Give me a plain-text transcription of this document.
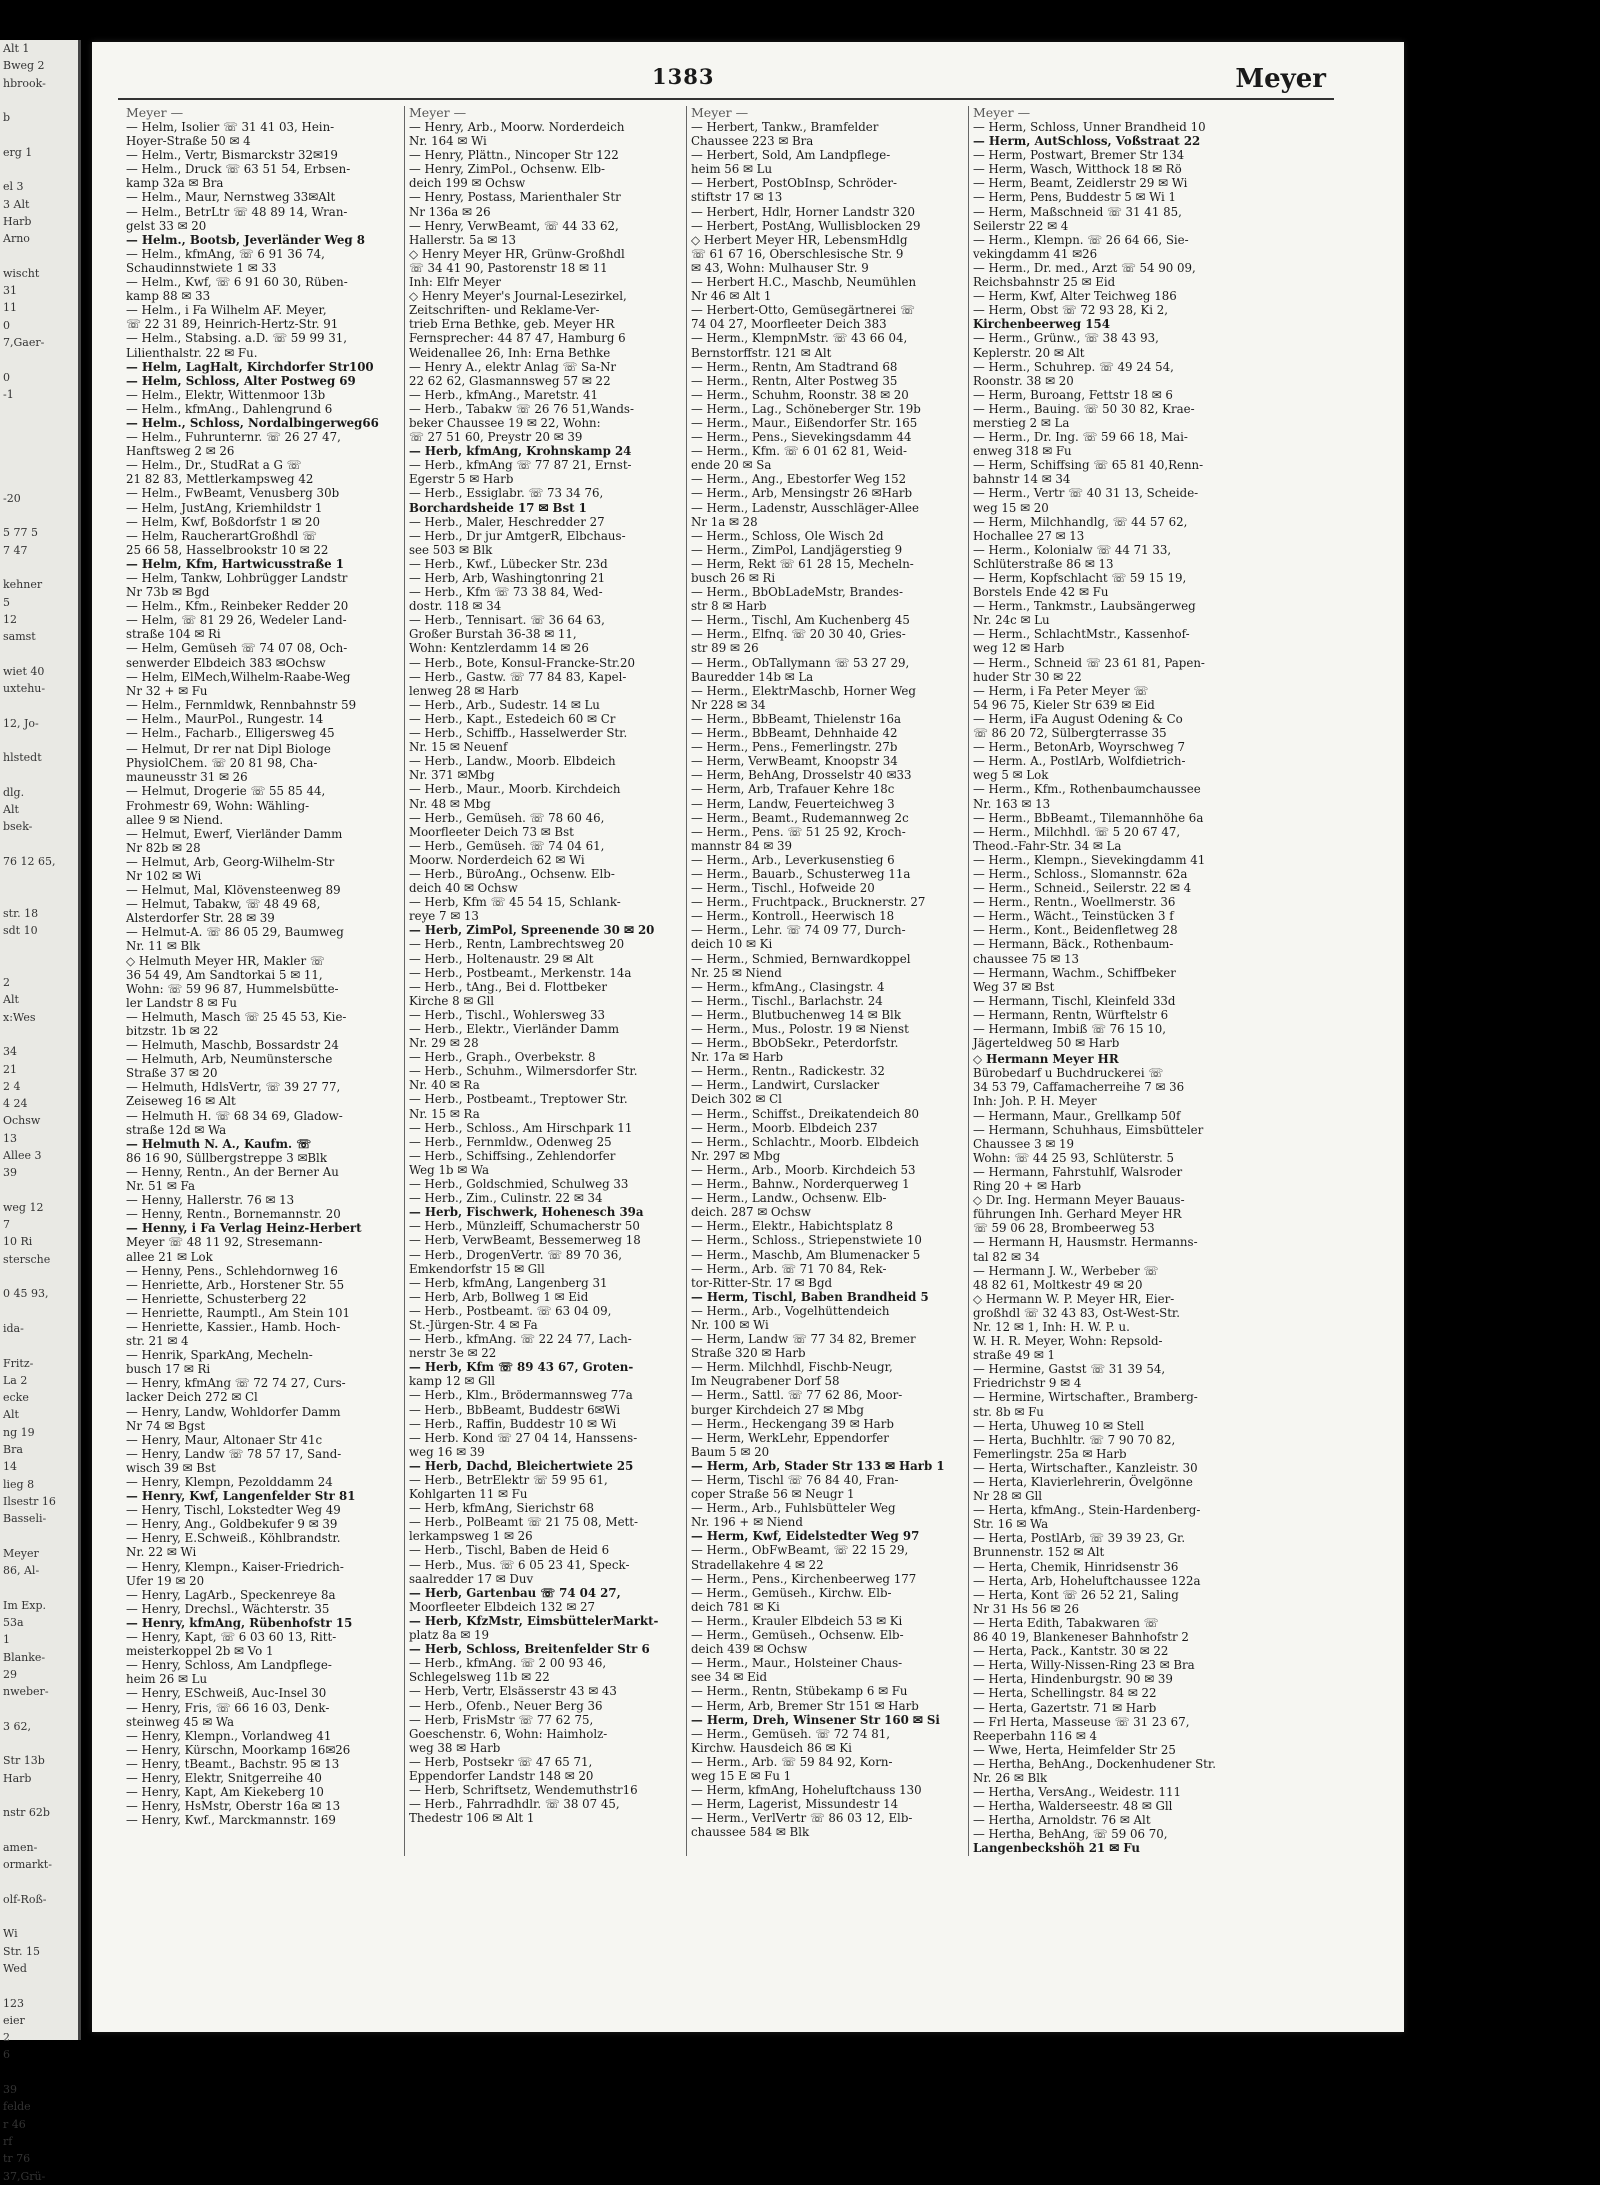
Alt 1
Bweg 2
hbrook-

b

erg 1

el 3
3 Alt
Harb
Arno

wischt
31
11
0
7,Gaer-

0
-1

-20

5 77 5
7 47

kehner
5
12
samst

wiet 40
uxtehu-

12, Jo-

hlstedt

dlg.
Alt
bsek-

76 12 65,

str. 18
sdt 10

2
Alt
x:Wes

34
21
2 4
4 24
Ochsw
13
Allee 3
39

weg 12
7
10 Ri
stersche

0 45 93,

ida-

Fritz-
La 2
ecke
Alt
ng 19
Bra
14
lieg 8
Ilsestr 16
Basseli-

Meyer
86, Al-

Im Exp.
53a
1
Blanke-
29
nweber-

3 62,

Str 13b
Harb

nstr 62b

amen-
ormarkt-

olf-Roß-

Wi
Str. 15
Wed

123
eier
2
6

39
felde
r 46
rf
tr 76
37,Grü-
1383	Meyer
Meyer —
— Helm, Isolier ☏ 31 41 03, Hein-
Hoyer-Straße 50 ✉ 4
— Helm., Vertr, Bismarckstr 32✉19
— Helm., Druck ☏ 63 51 54, Erbsen-
kamp 32a ✉ Bra
— Helm., Maur, Nernstweg 33✉Alt
— Helm., BetrLtr ☏ 48 89 14, Wran-
gelst 33 ✉ 20
— Helm., Bootsb, Jeverländer Weg 8
— Helm., kfmAng, ☏ 6 91 36 74,
Schaudinnstwiete 1 ✉ 33
— Helm., Kwf, ☏ 6 91 60 30, Rüben-
kamp 88 ✉ 33
— Helm., i Fa Wilhelm AF. Meyer,
☏ 22 31 89, Heinrich-Hertz-Str. 91
— Helm., Stabsing. a.D. ☏ 59 99 31,
Lilienthalstr. 22 ✉ Fu.
— Helm, LagHalt, Kirchdorfer Str100
— Helm, Schloss, Alter Postweg 69
— Helm., Elektr, Wittenmoor 13b
— Helm., kfmAng., Dahlengrund 6
— Helm., Schloss, Nordalbingerweg66
— Helm., Fuhrunternr. ☏ 26 27 47,
Hanftsweg 2 ✉ 26
— Helm., Dr., StudRat a G ☏
21 82 83, Mettlerkampsweg 42
— Helm., FwBeamt, Venusberg 30b
— Helm, JustAng, Kriemhildstr 1
— Helm, Kwf, Boßdorfstr 1 ✉ 20
— Helm, RaucherartGroßhdl ☏
25 66 58, Hasselbrookstr 10 ✉ 22
— Helm, Kfm, Hartwicusstraße 1
— Helm, Tankw, Lohbrügger Landstr
Nr 73b ✉ Bgd
— Helm., Kfm., Reinbeker Redder 20
— Helm, ☏ 81 29 26, Wedeler Land-
straße 104 ✉ Ri
— Helm, Gemüseh ☏ 74 07 08, Och-
senwerder Elbdeich 383 ✉Ochsw
— Helm, ElMech,Wilhelm-Raabe-Weg
Nr 32 + ✉ Fu
— Helm., Fernmldwk, Rennbahnstr 59
— Helm., MaurPol., Rungestr. 14
— Helm., Facharb., Elligersweg 45
— Helmut, Dr rer nat Dipl Biologe
PhysiolChem. ☏ 20 81 98, Cha-
mauneusstr 31 ✉ 26
— Helmut, Drogerie ☏ 55 85 44,
Frohmestr 69, Wohn: Wähling-
allee 9 ✉ Niend.
— Helmut, Ewerf, Vierländer Damm
Nr 82b ✉ 28
— Helmut, Arb, Georg-Wilhelm-Str
Nr 102 ✉ Wi
— Helmut, Mal, Klövensteenweg 89
— Helmut, Tabakw, ☏ 48 49 68,
Alsterdorfer Str. 28 ✉ 39
— Helmut-A. ☏ 86 05 29, Baumweg
Nr. 11 ✉ Blk
◇ Helmuth Meyer HR, Makler ☏
36 54 49, Am Sandtorkai 5 ✉ 11,
Wohn: ☏ 59 96 87, Hummelsbütte-
ler Landstr 8 ✉ Fu
— Helmuth, Masch ☏ 25 45 53, Kie-
bitzstr. 1b ✉ 22
— Helmuth, Maschb, Bossardstr 24
— Helmuth, Arb, Neumünstersche
Straße 37 ✉ 20
— Helmuth, HdlsVertr, ☏ 39 27 77,
Zeiseweg 16 ✉ Alt
— Helmuth H. ☏ 68 34 69, Gladow-
straße 12d ✉ Wa
— Helmuth N. A., Kaufm. ☏
86 16 90, Süllbergstreppe 3 ✉Blk
— Henny, Rentn., An der Berner Au
Nr. 51 ✉ Fa
— Henny, Hallerstr. 76 ✉ 13
— Henny, Rentn., Bornemannstr. 20
— Henny, i Fa Verlag Heinz-Herbert
Meyer ☏ 48 11 92, Stresemann-
allee 21 ✉ Lok
— Henny, Pens., Schlehdornweg 16
— Henriette, Arb., Horstener Str. 55
— Henriette, Schusterberg 22
— Henriette, Raumptl., Am Stein 101
— Henriette, Kassier., Hamb. Hoch-
str. 21 ✉ 4
— Henrik, SparkAng, Mecheln-
busch 17 ✉ Ri
— Henry, kfmAng ☏ 72 74 27, Curs-
lacker Deich 272 ✉ Cl
— Henry, Landw, Wohldorfer Damm
Nr 74 ✉ Bgst
— Henry, Maur, Altonaer Str 41c
— Henry, Landw ☏ 78 57 17, Sand-
wisch 39 ✉ Bst
— Henry, Klempn, Pezolddamm 24
— Henry, Kwf, Langenfelder Str 81
— Henry, Tischl, Lokstedter Weg 49
— Henry, Ang., Goldbekufer 9 ✉ 39
— Henry, E.Schweiß., Köhlbrandstr.
Nr. 22 ✉ Wi
— Henry, Klempn., Kaiser-Friedrich-
Ufer 19 ✉ 20
— Henry, LagArb., Speckenreye 8a
— Henry, Drechsl., Wächterstr. 35
— Henry, kfmAng, Rübenhofstr 15
— Henry, Kapt, ☏ 6 03 60 13, Ritt-
meisterkoppel 2b ✉ Vo 1
— Henry, Schloss, Am Landpflege-
heim 26 ✉ Lu
— Henry, ESchweiß, Auc-Insel 30
— Henry, Fris, ☏ 66 16 03, Denk-
steinweg 45 ✉ Wa
— Henry, Klempn., Vorlandweg 41
— Henry, Kürschn, Moorkamp 16✉26
— Henry, tBeamt., Bachstr. 95 ✉ 13
— Henry, Elektr, Snitgerreihe 40
— Henry, Kapt, Am Kiekeberg 10
— Henry, HsMstr, Oberstr 16a ✉ 13
— Henry, Kwf., Marckmannstr. 169
Meyer —
— Henry, Arb., Moorw. Norderdeich
Nr. 164 ✉ Wi
— Henry, Plättn., Nincoper Str 122
— Henry, ZimPol., Ochsenw. Elb-
deich 199 ✉ Ochsw
— Henry, Postass, Marienthaler Str
Nr 136a ✉ 26
— Henry, VerwBeamt, ☏ 44 33 62,
Hallerstr. 5a ✉ 13
◇ Henry Meyer HR, Grünw-Großhdl
☏ 34 41 90, Pastorenstr 18 ✉ 11
Inh: Elfr Meyer
◇ Henry Meyer's Journal-Lesezirkel,
Zeitschriften- und Reklame-Ver-
trieb Erna Bethke, geb. Meyer HR
Fernsprecher: 44 87 47, Hamburg 6
Weidenallee 26, Inh: Erna Bethke
— Henry A., elektr Anlag ☏ Sa-Nr
22 62 62, Glasmannsweg 57 ✉ 22
— Herb., kfmAng., Maretstr. 41
— Herb., Tabakw ☏ 26 76 51,Wands-
beker Chaussee 19 ✉ 22, Wohn:
☏ 27 51 60, Preystr 20 ✉ 39
— Herb, kfmAng, Krohnskamp 24
— Herb., kfmAng ☏ 77 87 21, Ernst-
Egerstr 5 ✉ Harb
— Herb., Essiglabr. ☏ 73 34 76,
Borchardsheide 17 ✉ Bst 1
— Herb., Maler, Heschredder 27
— Herb., Dr jur AmtgerR, Elbchaus-
see 503 ✉ Blk
— Herb., Kwf., Lübecker Str. 23d
— Herb, Arb, Washingtonring 21
— Herb., Kfm ☏ 73 38 84, Wed-
dostr. 118 ✉ 34
— Herb., Tennisart. ☏ 36 64 63,
Großer Burstah 36-38 ✉ 11,
Wohn: Kentzlerdamm 14 ✉ 26
— Herb., Bote, Konsul-Francke-Str.20
— Herb., Gastw. ☏ 77 84 83, Kapel-
lenweg 28 ✉ Harb
— Herb., Arb., Sudestr. 14 ✉ Lu
— Herb., Kapt., Estedeich 60 ✉ Cr
— Herb., Schiffb., Hasselwerder Str.
Nr. 15 ✉ Neuenf
— Herb., Landw., Moorb. Elbdeich
Nr. 371 ✉Mbg
— Herb., Maur., Moorb. Kirchdeich
Nr. 48 ✉ Mbg
— Herb., Gemüseh. ☏ 78 60 46,
Moorfleeter Deich 73 ✉ Bst
— Herb., Gemüseh. ☏ 74 04 61,
Moorw. Norderdeich 62 ✉ Wi
— Herb., BüroAng., Ochsenw. Elb-
deich 40 ✉ Ochsw
— Herb, Kfm ☏ 45 54 15, Schlank-
reye 7 ✉ 13
— Herb, ZimPol, Spreenende 30 ✉ 20
— Herb., Rentn, Lambrechtsweg 20
— Herb., Holtenaustr. 29 ✉ Alt
— Herb., Postbeamt., Merkenstr. 14a
— Herb., tAng., Bei d. Flottbeker
Kirche 8 ✉ Gll
— Herb., Tischl., Wohlersweg 33
— Herb., Elektr., Vierländer Damm
Nr. 29 ✉ 28
— Herb., Graph., Overbekstr. 8
— Herb., Schuhm., Wilmersdorfer Str.
Nr. 40 ✉ Ra
— Herb., Postbeamt., Treptower Str.
Nr. 15 ✉ Ra
— Herb., Schloss., Am Hirschpark 11
— Herb., Fernmldw., Odenweg 25
— Herb., Schiffsing., Zehlendorfer
Weg 1b ✉ Wa
— Herb., Goldschmied, Schulweg 33
— Herb., Zim., Culinstr. 22 ✉ 34
— Herb, Fischwerk, Hohenesch 39a
— Herb., Münzleiff, Schumacherstr 50
— Herb, VerwBeamt, Bessemerweg 18
— Herb., DrogenVertr. ☏ 89 70 36,
Emkendorfstr 15 ✉ Gll
— Herb, kfmAng, Langenberg 31
— Herb, Arb, Bollweg 1 ✉ Eid
— Herb., Postbeamt. ☏ 63 04 09,
St.-Jürgen-Str. 4 ✉ Fa
— Herb., kfmAng. ☏ 22 24 77, Lach-
nerstr 3e ✉ 22
— Herb, Kfm ☏ 89 43 67, Groten-
kamp 12 ✉ Gll
— Herb., Klm., Brödermannsweg 77a
— Herb., BbBeamt, Buddestr 6✉Wi
— Herb., Raffin, Buddestr 10 ✉ Wi
— Herb. Kond ☏ 27 04 14, Hanssens-
weg 16 ✉ 39
— Herb, Dachd, Bleichertwiete 25
— Herb., BetrElektr ☏ 59 95 61,
Kohlgarten 11 ✉ Fu
— Herb, kfmAng, Sierichstr 68
— Herb., PolBeamt ☏ 21 75 08, Mett-
lerkampsweg 1 ✉ 26
— Herb., Tischl, Baben de Heid 6
— Herb., Mus. ☏ 6 05 23 41, Speck-
saalredder 17 ✉ Duv
— Herb, Gartenbau ☏ 74 04 27,
Moorfleeter Elbdeich 132 ✉ 27
— Herb, KfzMstr, EimsbüttelerMarkt-
platz 8a ✉ 19
— Herb, Schloss, Breitenfelder Str 6
— Herb., kfmAng. ☏ 2 00 93 46,
Schlegelsweg 11b ✉ 22
— Herb, Vertr, Elsässerstr 43 ✉ 43
— Herb., Ofenb., Neuer Berg 36
— Herb, FrisMstr ☏ 77 62 75,
Goeschenstr. 6, Wohn: Haimholz-
weg 38 ✉ Harb
— Herb, Postsekr ☏ 47 65 71,
Eppendorfer Landstr 148 ✉ 20
— Herb, Schriftsetz, Wendemuthstr16
— Herb., Fahrradhdlr. ☏ 38 07 45,
Thedestr 106 ✉ Alt 1
Meyer —
— Herbert, Tankw., Bramfelder
Chaussee 223 ✉ Bra
— Herbert, Sold, Am Landpflege-
heim 56 ✉ Lu
— Herbert, PostObInsp, Schröder-
stiftstr 17 ✉ 13
— Herbert, Hdlr, Horner Landstr 320
— Herbert, PostAng, Wullisblocken 29
◇ Herbert Meyer HR, LebensmHdlg
☏ 61 67 16, Oberschlesische Str. 9
✉ 43, Wohn: Mulhauser Str. 9
— Herbert H.C., Maschb, Neumühlen
Nr 46 ✉ Alt 1
— Herbert-Otto, Gemüsegärtnerei ☏
74 04 27, Moorfleeter Deich 383
— Herm., KlempnMstr. ☏ 43 66 04,
Bernstorffstr. 121 ✉ Alt
— Herm., Rentn, Am Stadtrand 68
— Herm., Rentn, Alter Postweg 35
— Herm., Schuhm, Roonstr. 38 ✉ 20
— Herm., Lag., Schöneberger Str. 19b
— Herm., Maur., Eißendorfer Str. 165
— Herm., Pens., Sievekingsdamm 44
— Herm., Kfm. ☏ 6 01 62 81, Weid-
ende 20 ✉ Sa
— Herm., Ang., Ebestorfer Weg 152
— Herm., Arb, Mensingstr 26 ✉Harb
— Herm., Ladenstr, Ausschläger-Allee
Nr 1a ✉ 28
— Herm., Schloss, Ole Wisch 2d
— Herm., ZimPol, Landjägerstieg 9
— Herm, Rekt ☏ 61 28 15, Mecheln-
busch 26 ✉ Ri
— Herm., BbObLadeMstr, Brandes-
str 8 ✉ Harb
— Herm., Tischl, Am Kuchenberg 45
— Herm., Elfnq. ☏ 20 30 40, Gries-
str 89 ✉ 26
— Herm., ObTallymann ☏ 53 27 29,
Bauredder 14b ✉ La
— Herm., ElektrMaschb, Horner Weg
Nr 228 ✉ 34
— Herm., BbBeamt, Thielenstr 16a
— Herm., BbBeamt, Dehnhaide 42
— Herm., Pens., Femerlingstr. 27b
— Herm, VerwBeamt, Knoopstr 34
— Herm, BehAng, Drosselstr 40 ✉33
— Herm, Arb, Trafauer Kehre 18c
— Herm, Landw, Feuerteichweg 3
— Herm., Beamt., Rudemannweg 2c
— Herm., Pens. ☏ 51 25 92, Kroch-
mannstr 84 ✉ 39
— Herm., Arb., Leverkusenstieg 6
— Herm., Bauarb., Schusterweg 11a
— Herm., Tischl., Hofweide 20
— Herm., Fruchtpack., Brucknerstr. 27
— Herm., Kontroll., Heerwisch 18
— Herm., Lehr. ☏ 74 09 77, Durch-
deich 10 ✉ Ki
— Herm., Schmied, Bernwardkoppel
Nr. 25 ✉ Niend
— Herm., kfmAng., Clasingstr. 4
— Herm., Tischl., Barlachstr. 24
— Herm., Blutbuchenweg 14 ✉ Blk
— Herm., Mus., Polostr. 19 ✉ Nienst
— Herm., BbObSekr., Peterdorfstr.
Nr. 17a ✉ Harb
— Herm., Rentn., Radickestr. 32
— Herm., Landwirt, Curslacker
Deich 302 ✉ Cl
— Herm., Schiffst., Dreikatendeich 80
— Herm., Moorb. Elbdeich 237
— Herm., Schlachtr., Moorb. Elbdeich
Nr. 297 ✉ Mbg
— Herm., Arb., Moorb. Kirchdeich 53
— Herm., Bahnw., Norderquerweg 1
— Herm., Landw., Ochsenw. Elb-
deich. 287 ✉ Ochsw
— Herm., Elektr., Habichtsplatz 8
— Herm., Schloss., Striepenstwiete 10
— Herm., Maschb, Am Blumenacker 5
— Herm., Arb. ☏ 71 70 84, Rek-
tor-Ritter-Str. 17 ✉ Bgd
— Herm, Tischl, Baben Brandheid 5
— Herm., Arb., Vogelhüttendeich
Nr. 100 ✉ Wi
— Herm, Landw ☏ 77 34 82, Bremer
Straße 320 ✉ Harb
— Herm. Milchhdl, Fischb-Neugr,
Im Neugrabener Dorf 58
— Herm., Sattl. ☏ 77 62 86, Moor-
burger Kirchdeich 27 ✉ Mbg
— Herm., Heckengang 39 ✉ Harb
— Herm, WerkLehr, Eppendorfer
Baum 5 ✉ 20
— Herm, Arb, Stader Str 133 ✉ Harb 1
— Herm, Tischl ☏ 76 84 40, Fran-
coper Straße 56 ✉ Neugr 1
— Herm., Arb., Fuhlsbütteler Weg
Nr. 196 + ✉ Niend
— Herm, Kwf, Eidelstedter Weg 97
— Herm., ObFwBeamt, ☏ 22 15 29,
Stradellakehre 4 ✉ 22
— Herm., Pens., Kirchenbeerweg 177
— Herm., Gemüseh., Kirchw. Elb-
deich 781 ✉ Ki
— Herm., Krauler Elbdeich 53 ✉ Ki
— Herm., Gemüseh., Ochsenw. Elb-
deich 439 ✉ Ochsw
— Herm., Maur., Holsteiner Chaus-
see 34 ✉ Eid
— Herm., Rentn, Stübekamp 6 ✉ Fu
— Herm, Arb, Bremer Str 151 ✉ Harb
— Herm, Dreh, Winsener Str 160 ✉ Si
— Herm., Gemüseh. ☏ 72 74 81,
Kirchw. Hausdeich 86 ✉ Ki
— Herm., Arb. ☏ 59 84 92, Korn-
weg 15 E ✉ Fu 1
— Herm, kfmAng, Hoheluftchauss 130
— Herm, Lagerist, Missundestr 14
— Herm., VerlVertr ☏ 86 03 12, Elb-
chaussee 584 ✉ Blk
Meyer —
— Herm, Schloss, Unner Brandheid 10
— Herm, AutSchloss, Voßstraat 22
— Herm, Postwart, Bremer Str 134
— Herm, Wasch, Witthock 18 ✉ Rö
— Herm, Beamt, Zeidlerstr 29 ✉ Wi
— Herm, Pens, Buddestr 5 ✉ Wi 1
— Herm, Maßschneid ☏ 31 41 85,
Seilerstr 22 ✉ 4
— Herm., Klempn. ☏ 26 64 66, Sie-
vekingdamm 41 ✉26
— Herm., Dr. med., Arzt ☏ 54 90 09,
Reichsbahnstr 25 ✉ Eid
— Herm, Kwf, Alter Teichweg 186
— Herm, Obst ☏ 72 93 28, Ki 2,
Kirchenbeerweg 154
— Herm., Grünw., ☏ 38 43 93,
Keplerstr. 20 ✉ Alt
— Herm., Schuhrep. ☏ 49 24 54,
Roonstr. 38 ✉ 20
— Herm, Buroang, Fettstr 18 ✉ 6
— Herm., Bauing. ☏ 50 30 82, Krae-
merstieg 2 ✉ La
— Herm., Dr. Ing. ☏ 59 66 18, Mai-
enweg 318 ✉ Fu
— Herm, Schiffsing ☏ 65 81 40,Renn-
bahnstr 14 ✉ 34
— Herm., Vertr ☏ 40 31 13, Scheide-
weg 15 ✉ 20
— Herm, Milchhandlg, ☏ 44 57 62,
Hochallee 27 ✉ 13
— Herm., Kolonialw ☏ 44 71 33,
Schlüterstraße 86 ✉ 13
— Herm, Kopfschlacht ☏ 59 15 19,
Borstels Ende 42 ✉ Fu
— Herm., Tankmstr., Laubsängerweg
Nr. 24c ✉ Lu
— Herm., SchlachtMstr., Kassenhof-
weg 12 ✉ Harb
— Herm., Schneid ☏ 23 61 81, Papen-
huder Str 30 ✉ 22
— Herm, i Fa Peter Meyer ☏
54 96 75, Kieler Str 639 ✉ Eid
— Herm, iFa August Odening & Co
☏ 86 20 72, Sülbergterrasse 35
— Herm., BetonArb, Woyrschweg 7
— Herm. A., PostlArb, Wolfdietrich-
weg 5 ✉ Lok
— Herm., Kfm., Rothenbaumchaussee
Nr. 163 ✉ 13
— Herm., BbBeamt., Tilemannhöhe 6a
— Herm., Milchhdl. ☏ 5 20 67 47,
Theod.-Fahr-Str. 34 ✉ La
— Herm., Klempn., Sievekingdamm 41
— Herm., Schloss., Slomannstr. 62a
— Herm., Schneid., Seilerstr. 22 ✉ 4
— Herm., Rentn., Woellmerstr. 36
— Herm., Wächt., Teinstücken 3 f
— Herm., Kont., Beidenfletweg 28
— Hermann, Bäck., Rothenbaum-
chaussee 75 ✉ 13
— Hermann, Wachm., Schiffbeker
Weg 37 ✉ Bst
— Hermann, Tischl, Kleinfeld 33d
— Hermann, Rentn, Würftelstr 6
— Hermann, Imbiß ☏ 76 15 10,
Jägerteldweg 50 ✉ Harb
◇ Hermann Meyer HR
Bürobedarf u Buchdruckerei ☏
34 53 79, Caffamacherreihe 7 ✉ 36
Inh: Joh. P. H. Meyer
— Hermann, Maur., Grellkamp 50f
— Hermann, Schuhhaus, Eimsbütteler
Chaussee 3 ✉ 19
Wohn: ☏ 44 25 93, Schlüterstr. 5
— Hermann, Fahrstuhlf, Walsroder
Ring 20 + ✉ Harb
◇ Dr. Ing. Hermann Meyer Bauaus-
führungen Inh. Gerhard Meyer HR
☏ 59 06 28, Brombeerweg 53
— Hermann H, Hausmstr. Hermanns-
tal 82 ✉ 34
— Hermann J. W., Werbeber ☏
48 82 61, Moltkestr 49 ✉ 20
◇ Hermann W. P. Meyer HR, Eier-
großhdl ☏ 32 43 83, Ost-West-Str.
Nr. 12 ✉ 1, Inh: H. W. P. u.
W. H. R. Meyer, Wohn: Repsold-
straße 49 ✉ 1
— Hermine, Gastst ☏ 31 39 54,
Friedrichstr 9 ✉ 4
— Hermine, Wirtschafter., Bramberg-
str. 8b ✉ Fu
— Herta, Uhuweg 10 ✉ Stell
— Herta, Buchhltr. ☏ 7 90 70 82,
Femerlingstr. 25a ✉ Harb
— Herta, Wirtschafter., Kanzleistr. 30
— Herta, Klavierlehrerin, Övelgönne
Nr 28 ✉ Gll
— Herta, kfmAng., Stein-Hardenberg-
Str. 16 ✉ Wa
— Herta, PostlArb, ☏ 39 39 23, Gr.
Brunnenstr. 152 ✉ Alt
— Herta, Chemik, Hinridsenstr 36
— Herta, Arb, Hoheluftchaussee 122a
— Herta, Kont ☏ 26 52 21, Saling
Nr 31 Hs 56 ✉ 26
— Herta Edith, Tabakwaren ☏
86 40 19, Blankeneser Bahnhofstr 2
— Herta, Pack., Kantstr. 30 ✉ 22
— Herta, Willy-Nissen-Ring 23 ✉ Bra
— Herta, Hindenburgstr. 90 ✉ 39
— Herta, Schellingstr. 84 ✉ 22
— Herta, Gazertstr. 71 ✉ Harb
— Frl Herta, Masseuse ☏ 31 23 67,
Reeperbahn 116 ✉ 4
— Wwe, Herta, Heimfelder Str 25
— Hertha, BehAng., Dockenhudener Str.
Nr. 26 ✉ Blk
— Hertha, VersAng., Weidestr. 111
— Hertha, Walderseestr. 48 ✉ Gll
— Hertha, Arnoldstr. 76 ✉ Alt
— Hertha, BehAng, ☏ 59 06 70,
Langenbeckshöh 21 ✉ Fu
